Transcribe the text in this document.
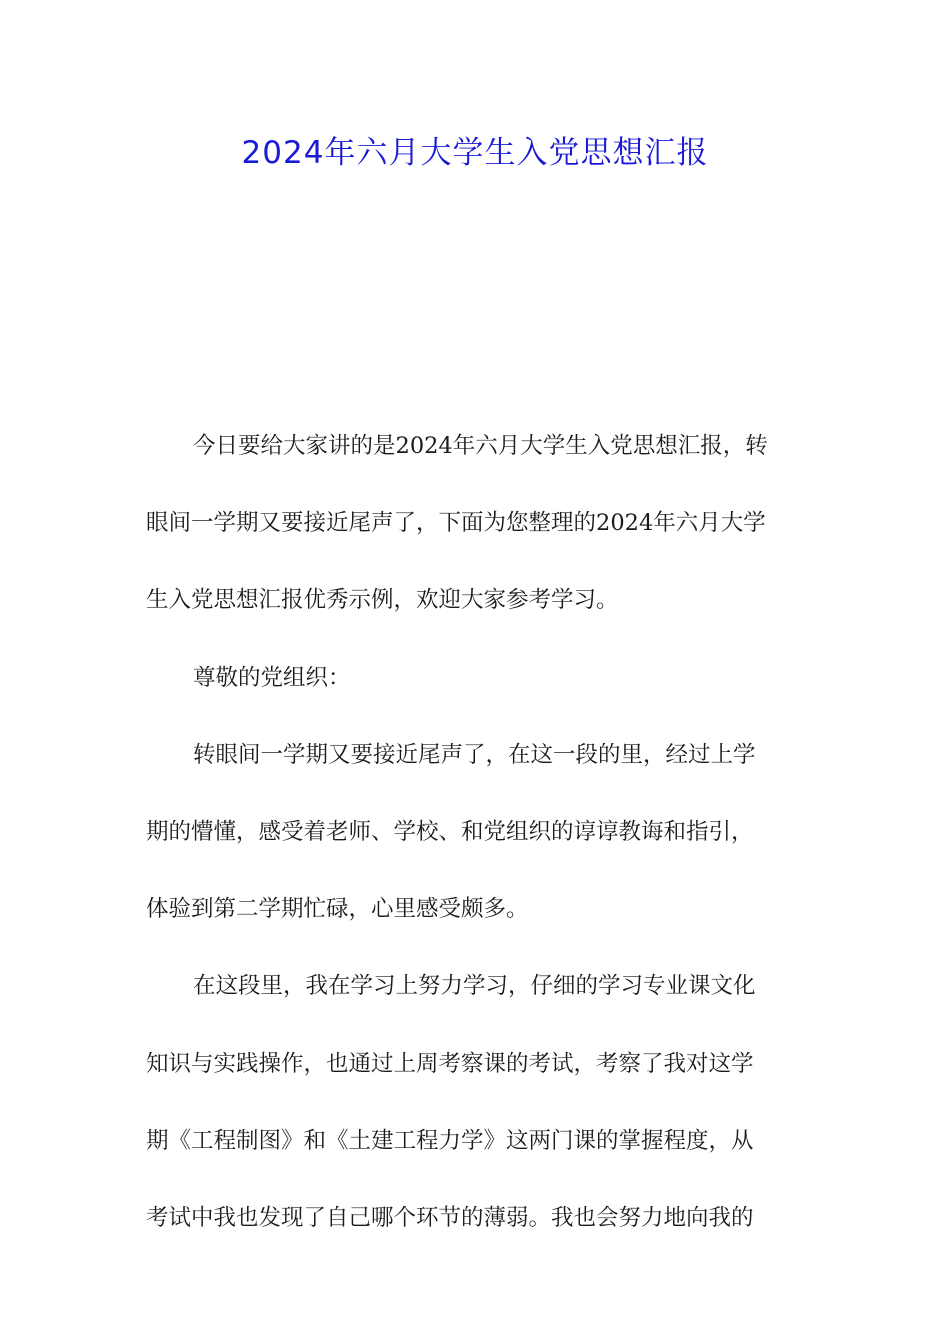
2024年六月大学生入党思想汇报
今日要给大家讲的是2024年六月大学生入党思想汇报，转
眼间一学期又要接近尾声了，下面为您整理的2024年六月大学
生入党思想汇报优秀示例，欢迎大家参考学习。
尊敬的党组织：
转眼间一学期又要接近尾声了，在这一段的里，经过上学
期的懵懂，感受着老师、学校、和党组织的谆谆教诲和指引，
体验到第二学期忙碌，心里感受颇多。
在这段里，我在学习上努力学习，仔细的学习专业课文化
知识与实践操作，也通过上周考察课的考试，考察了我对这学
期《工程制图》和《土建工程力学》这两门课的掌握程度，从
考试中我也发现了自己哪个环节的薄弱。我也会努力地向我的
